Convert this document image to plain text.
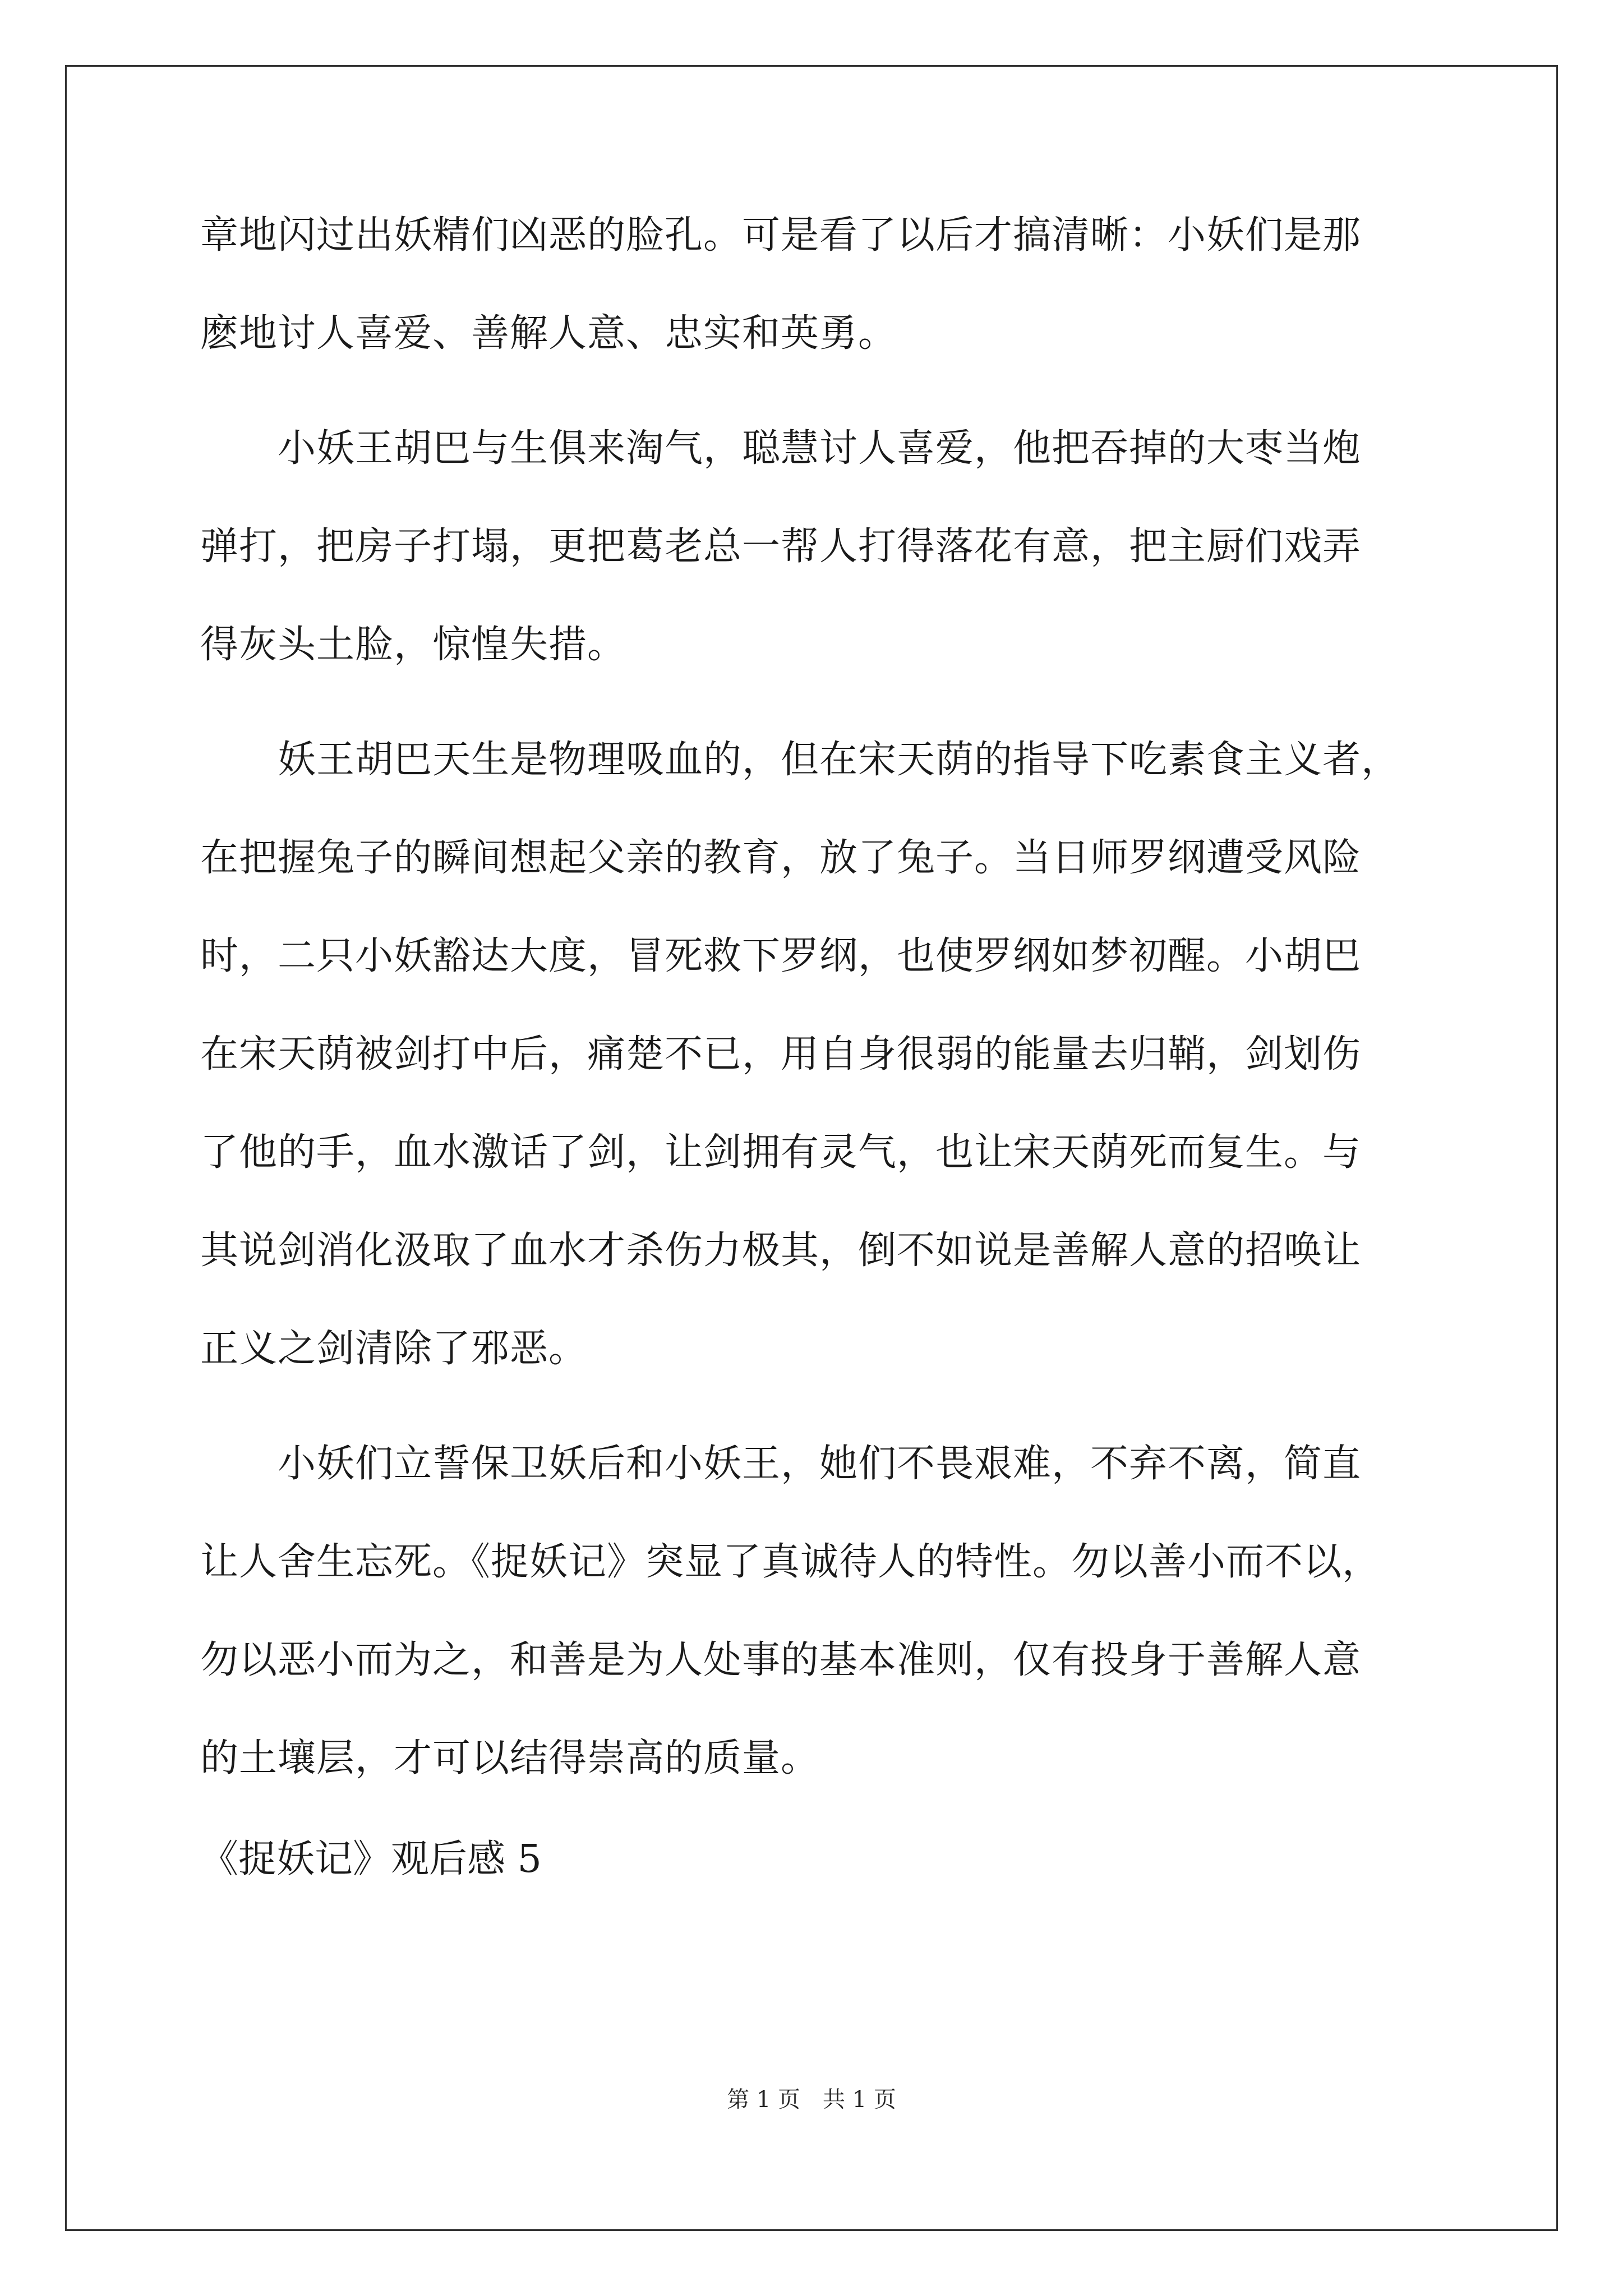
章地闪过出妖精们凶恶的脸孔。可是看了以后才搞清晰：小妖们是那
麽地讨人喜爱、善解人意、忠实和英勇。
　　小妖王胡巴与生俱来淘气，聪慧讨人喜爱，他把吞掉的大枣当炮
弹打，把房子打塌，更把葛老总一帮人打得落花有意，把主厨们戏弄
得灰头土脸，惊惶失措。
　　妖王胡巴天生是物理吸血的，但在宋天荫的指导下吃素食主义者，
在把握兔子的瞬间想起父亲的教育，放了兔子。当日师罗纲遭受风险
时，二只小妖豁达大度，冒死救下罗纲，也使罗纲如梦初醒。小胡巴
在宋天荫被剑打中后，痛楚不已，用自身很弱的能量去归鞘，剑划伤
了他的手，血水激话了剑，让剑拥有灵气，也让宋天荫死而复生。与
其说剑消化汲取了血水才杀伤力极其，倒不如说是善解人意的招唤让
正义之剑清除了邪恶。
　　小妖们立誓保卫妖后和小妖王，她们不畏艰难，不弃不离，简直
让人舍生忘死。《捉妖记》突显了真诚待人的特性。勿以善小而不以，
勿以恶小而为之，和善是为人处事的基本准则，仅有投身于善解人意
的土壤层，才可以结得崇高的质量。
《捉妖记》观后感 5
第 1 页 共 1 页
